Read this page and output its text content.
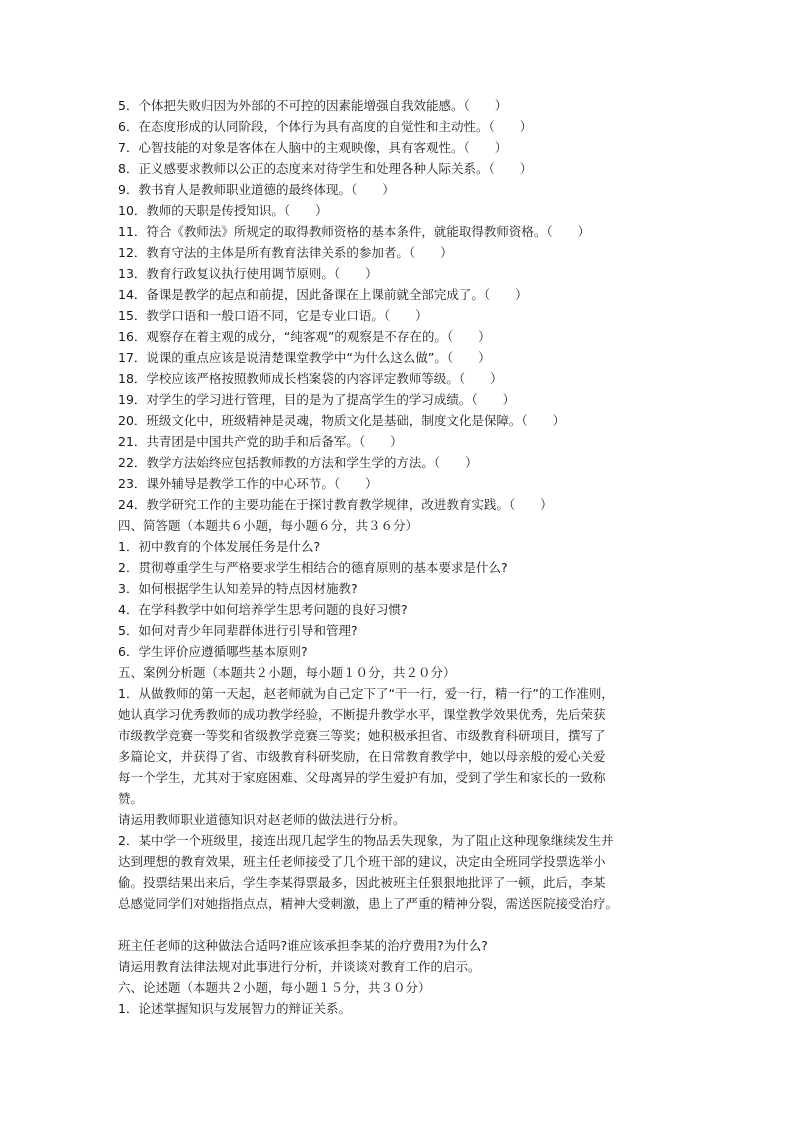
5．个体把失败归因为外部的不可控的因素能增强自我效能感。（　　）
6．在态度形成的认同阶段，个体行为具有高度的自觉性和主动性。（　　）
7．心智技能的对象是客体在人脑中的主观映像，具有客观性。（　　）
8．正义感要求教师以公正的态度来对待学生和处理各种人际关系。（　　）
9．教书育人是教师职业道德的最终体现。（　　）
10．教师的天职是传授知识。（　　）
11．符合《教师法》所规定的取得教师资格的基本条件，就能取得教师资格。（　　）
12．教育守法的主体是所有教育法律关系的参加者。（　　）
13．教育行政复议执行使用调节原则。（　　）
14．备课是教学的起点和前提，因此备课在上课前就全部完成了。（　　）
15．教学口语和一般口语不同，它是专业口语。（　　）
16．观察存在着主观的成分，“纯客观”的观察是不存在的。（　　）
17．说课的重点应该是说清楚课堂教学中“为什么这么做”。（　　）
18．学校应该严格按照教师成长档案袋的内容评定教师等级。（　　）
19．对学生的学习进行管理，目的是为了提高学生的学习成绩。（　　）
20．班级文化中，班级精神是灵魂，物质文化是基础，制度文化是保障。（　　）
21．共青团是中国共产党的助手和后备军。（　　）
22．教学方法始终应包括教师教的方法和学生学的方法。（　　）
23．课外辅导是教学工作的中心环节。（　　）
24．教学研究工作的主要功能在于探讨教育教学规律，改进教育实践。（　　）
四、简答题（本题共６小题，每小题６分，共３６分）
1．初中教育的个体发展任务是什么?
2．贯彻尊重学生与严格要求学生相结合的德育原则的基本要求是什么?
3．如何根据学生认知差异的特点因材施教?
4．在学科教学中如何培养学生思考问题的良好习惯?
5．如何对青少年同辈群体进行引导和管理?
6．学生评价应遵循哪些基本原则?
五、案例分析题（本题共２小题，每小题１０分，共２０分）
1．从做教师的第一天起，赵老师就为自己定下了“干一行，爱一行，精一行”的工作准则，
她认真学习优秀教师的成功教学经验，不断提升教学水平，课堂教学效果优秀，先后荣获
市级教学竞赛一等奖和省级教学竞赛三等奖；她积极承担省、市级教育科研项目，撰写了
多篇论文，并获得了省、市级教育科研奖励，在日常教育教学中，她以母亲般的爱心关爱
每一个学生，尤其对于家庭困难、父母离异的学生爱护有加，受到了学生和家长的一致称
赞。
请运用教师职业道德知识对赵老师的做法进行分析。
2．某中学一个班级里，接连出现几起学生的物品丢失现象，为了阻止这种现象继续发生并
达到理想的教育效果，班主任老师接受了几个班干部的建议，决定由全班同学投票选举小
偷。投票结果出来后，学生李某得票最多，因此被班主任狠狠地批评了一顿，此后，李某
总感觉同学们对她指指点点，精神大受刺激，患上了严重的精神分裂，需送医院接受治疗。
班主任老师的这种做法合适吗?谁应该承担李某的治疗费用?为什么?
请运用教育法律法规对此事进行分析，并谈谈对教育工作的启示。
六、论述题（本题共２小题，每小题１５分，共３０分）
1．论述掌握知识与发展智力的辩证关系。
